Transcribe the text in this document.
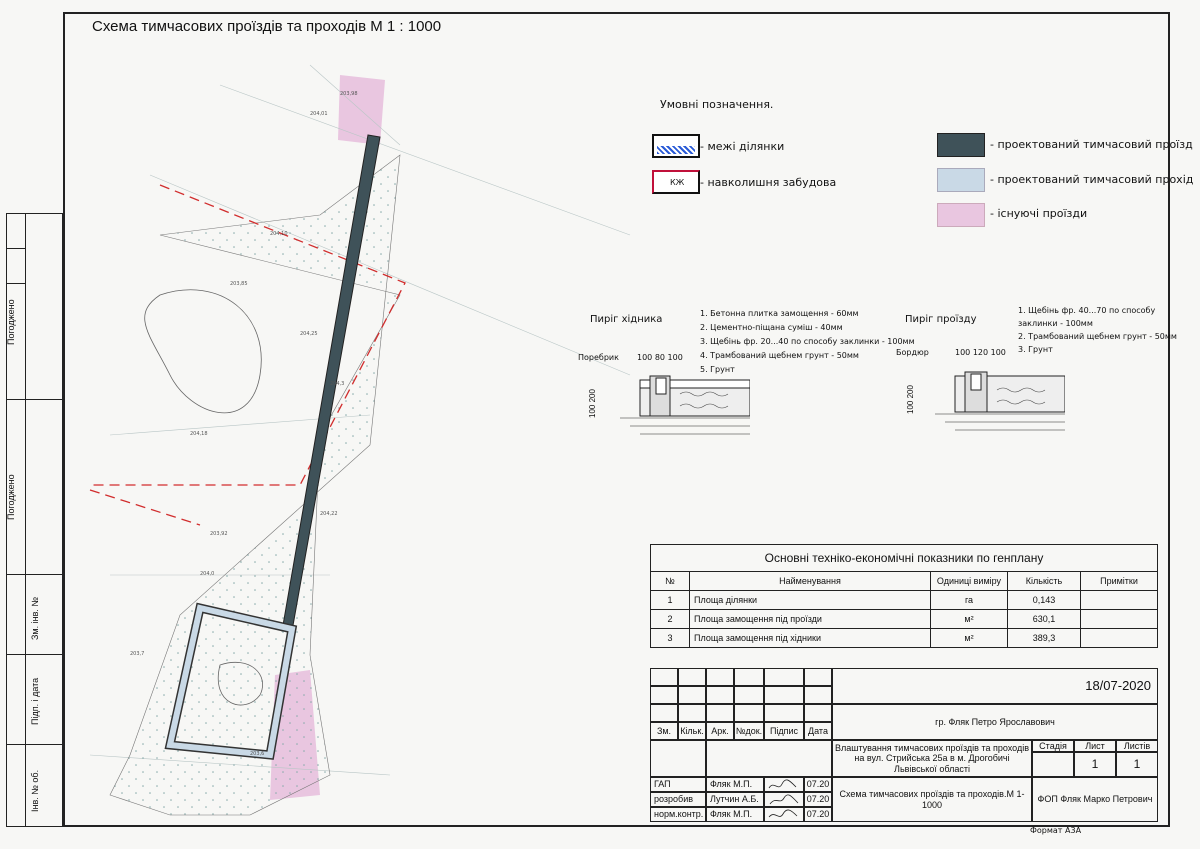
Схема тимчасових проїздів та проходів М 1 : 1000
Погоджено
Погоджено
Зм. інв. №
Підп. і дата
Інв. № об.
204,01
203,98
204,10
203,85
204,25
204,3
204,18
203,92
203,7
203,6
204,0
204,22
Умовні позначення.
- межі ділянки
КЖ - навколишня забудова
- проектований тимчасовий проїзд
- проектований тимчасовий прохід
- існуючі проїзди
Пиріг хідника
1. Бетонна плитка замощення - 60мм
2. Цементно-піщана суміш - 40мм
3. Щебінь фр. 20...40 по способу заклинки - 100мм
4. Трамбований щебнем грунт - 50мм
5. Грунт
Поребрик 100 80 100
100 200
Пиріг проїзду
1. Щебінь фр. 40...70 по способу
заклинки - 100мм
2. Трамбований щебнем грунт - 50мм
3. Грунт
Бордюр	100 120 100
100 200
Основні техніко-економічні показники по генплану				
№	Найменування	Одиниці виміру	Кількість	Примітки
1	Площа ділянки	га	0,143	
2	Площа замощення під проїзди	м²	630,1	
3	Площа замощення під хідники	м²	389,3	
Зм.	Кільк. Арк. №док. Підпис	Дата
ГАП	Фляк М.П.	07.20
розробив	Лутчин А.Б.	07.20
норм.контр. Фляк М.П.	07.20
18/07-2020
гр. Фляк Петро Ярославович
Влаштування тимчасових проїздів та проходів на вул. Стрийська 25а в м. Дрогобичі Львівської області
Стадія	Лист	Листів
1	1
Схема тимчасових проїздів та проходів.М 1-1000
ФОП Фляк Марко Петрович
Формат А3А
